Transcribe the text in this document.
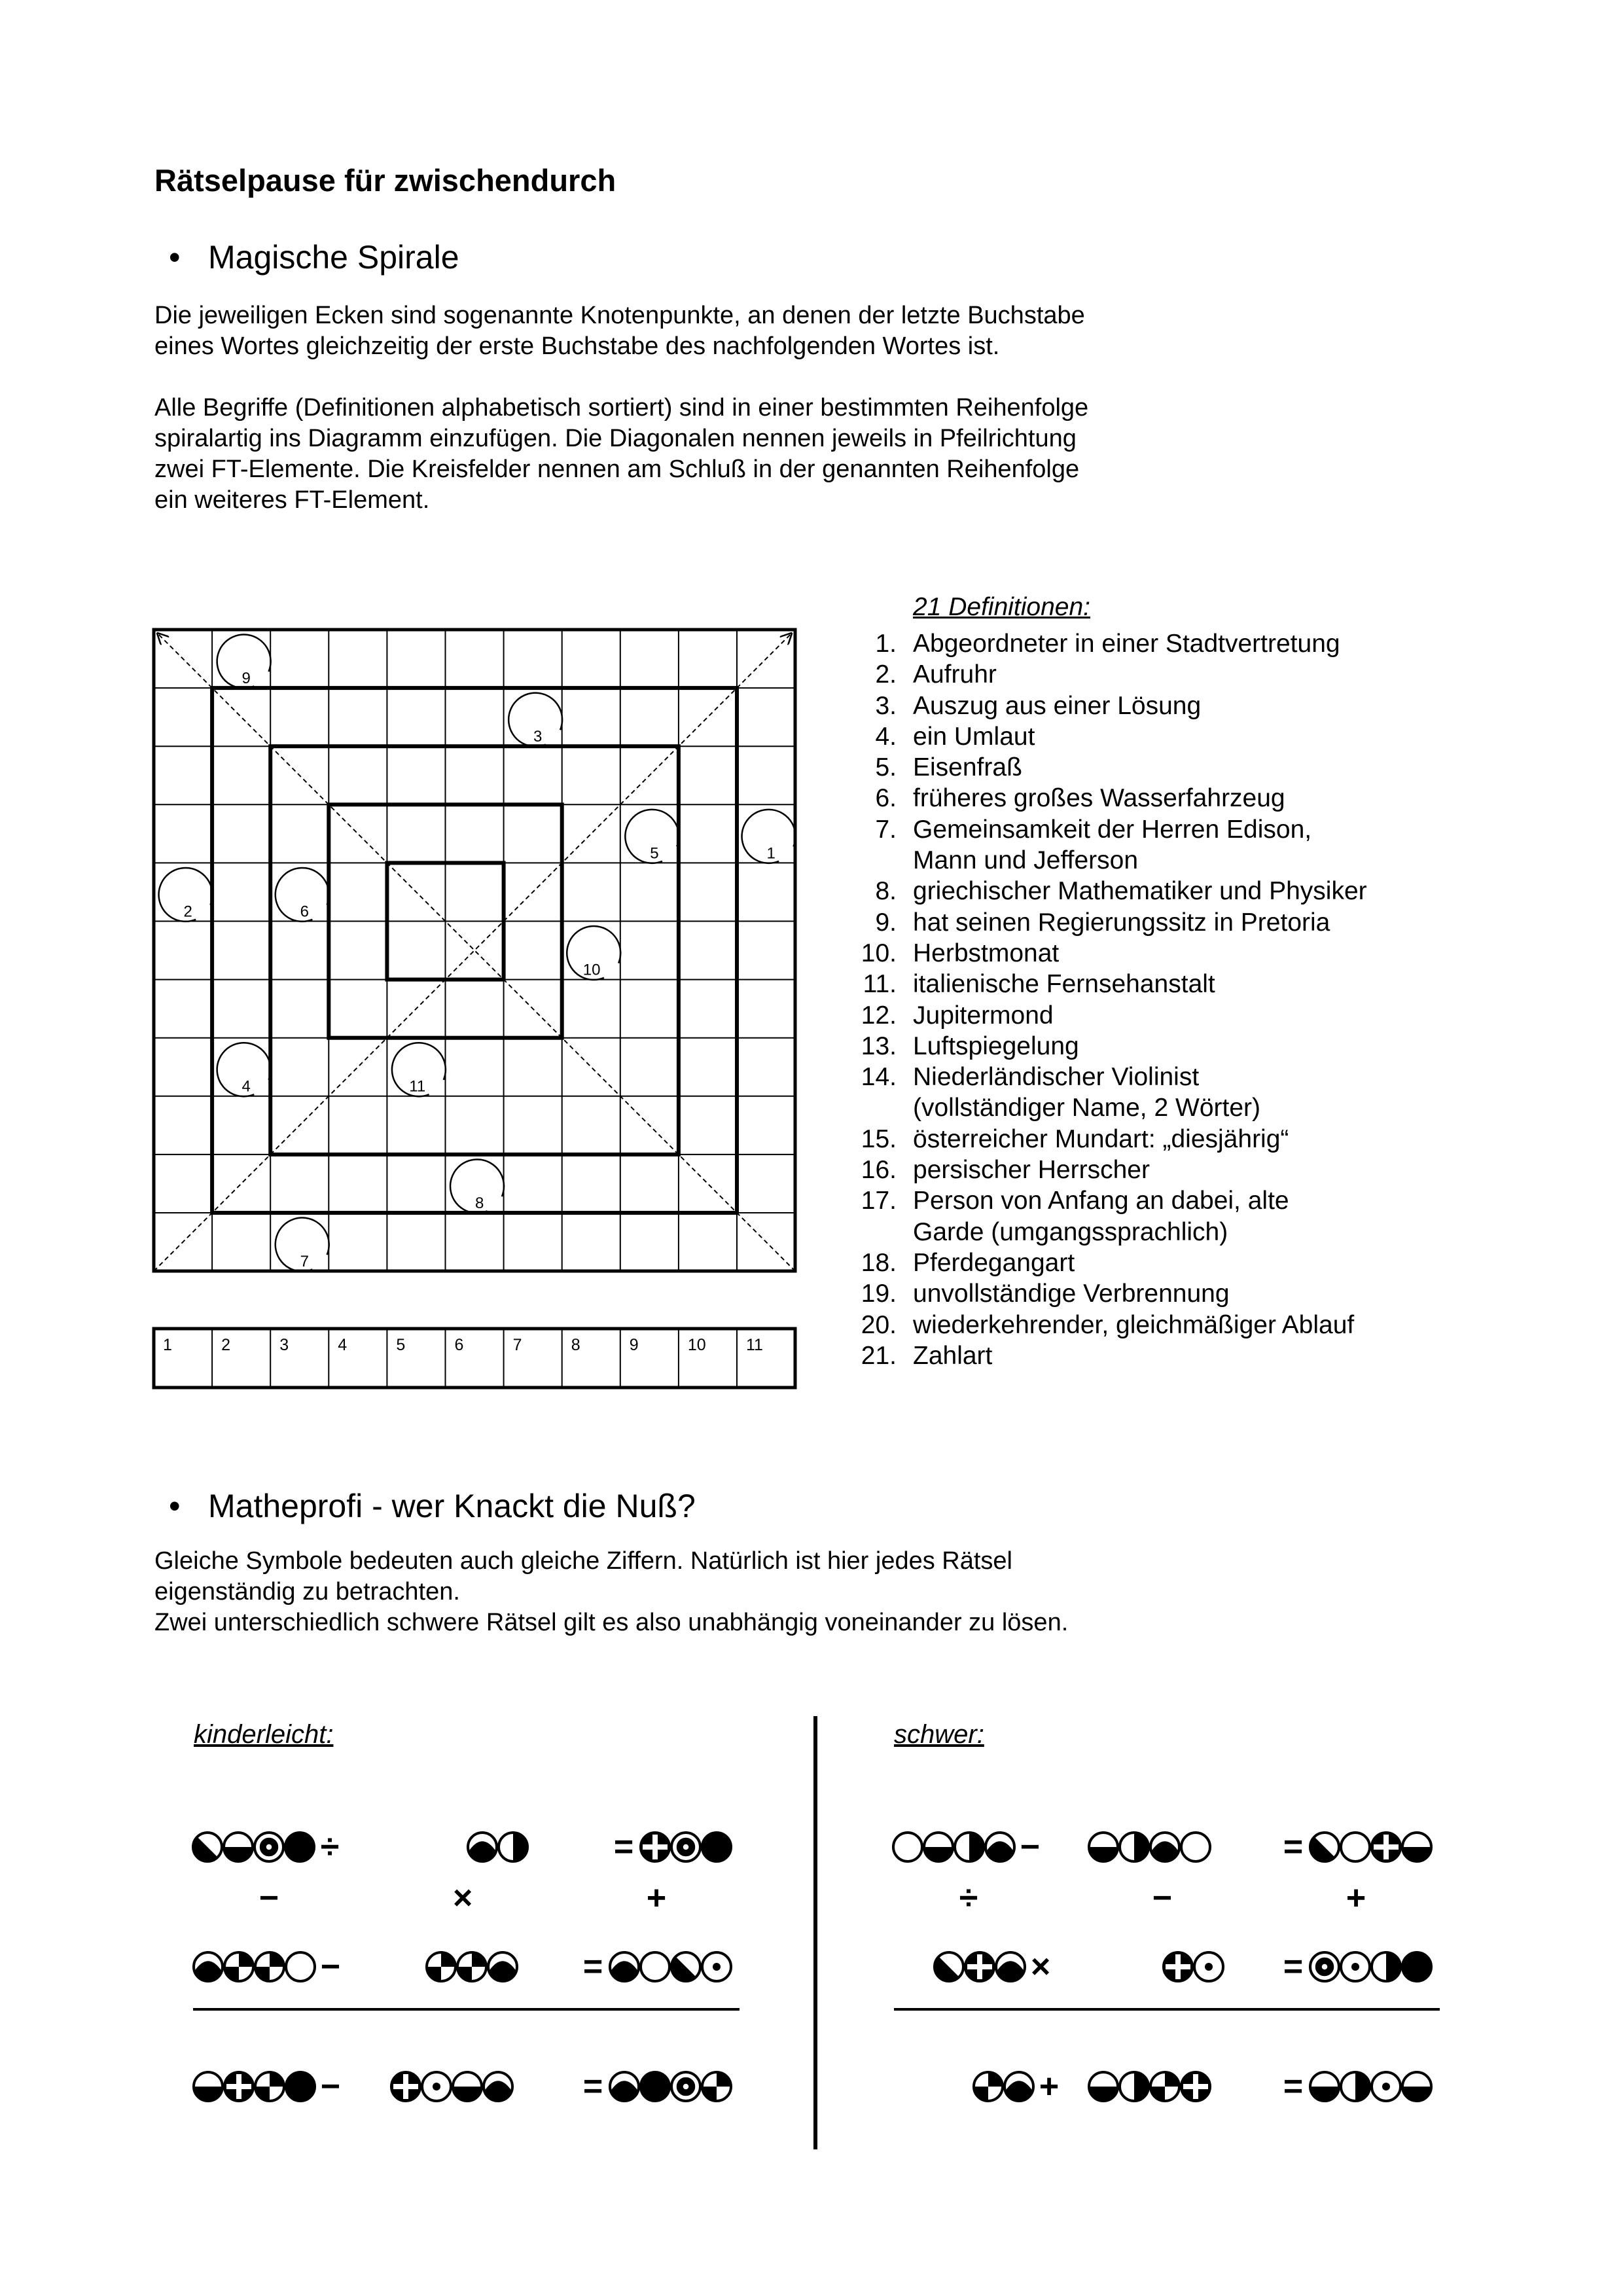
Rätselpause für zwischendurch
• Magische Spirale
Die jeweiligen Ecken sind sogenannte Knotenpunkte, an denen der letzte Buchstabe
eines Wortes gleichzeitig der erste Buchstabe des nachfolgenden Wortes ist.
Alle Begriffe (Definitionen alphabetisch sortiert) sind in einer bestimmten Reihenfolge
spiralartig ins Diagramm einzufügen. Die Diagonalen nennen jeweils in Pfeilrichtung
zwei FT-Elemente. Die Kreisfelder nennen am Schluß in der genannten Reihenfolge
ein weiteres FT-Element.
1
2
3
4
5
6
7
8
9
10
11
1	2	3	4	5	6	7	8	9	10 11
21 Definitionen:
1. Abgeordneter in einer Stadtvertretung
2. Aufruhr
3. Auszug aus einer Lösung
4. ein Umlaut
5. Eisenfraß
6. früheres großes Wasserfahrzeug
7. Gemeinsamkeit der Herren Edison,
Mann und Jefferson
8. griechischer Mathematiker und Physiker
9. hat seinen Regierungssitz in Pretoria
10. Herbstmonat
11. italienische Fernsehanstalt
12. Jupitermond
13. Luftspiegelung
14. Niederländischer Violinist
(vollständiger Name, 2 Wörter)
15. österreicher Mundart: „diesjährig“
16. persischer Herrscher
17. Person von Anfang an dabei, alte
Garde (umgangssprachlich)
18. Pferdegangart
19. unvollständige Verbrennung
20. wiederkehrender, gleichmäßiger Ablauf
21. Zahlart
• Matheprofi - wer Knackt die Nuß?
Gleiche Symbole bedeuten auch gleiche Ziffern. Natürlich ist hier jedes Rätsel
eigenständig zu betrachten.
Zwei unterschiedlich schwere Rätsel gilt es also unabhängig voneinander zu lösen.
kinderleicht:	schwer:
÷	=
−	×	+
−	=
−	=
−	=
÷	−	+
×	=
+	=
